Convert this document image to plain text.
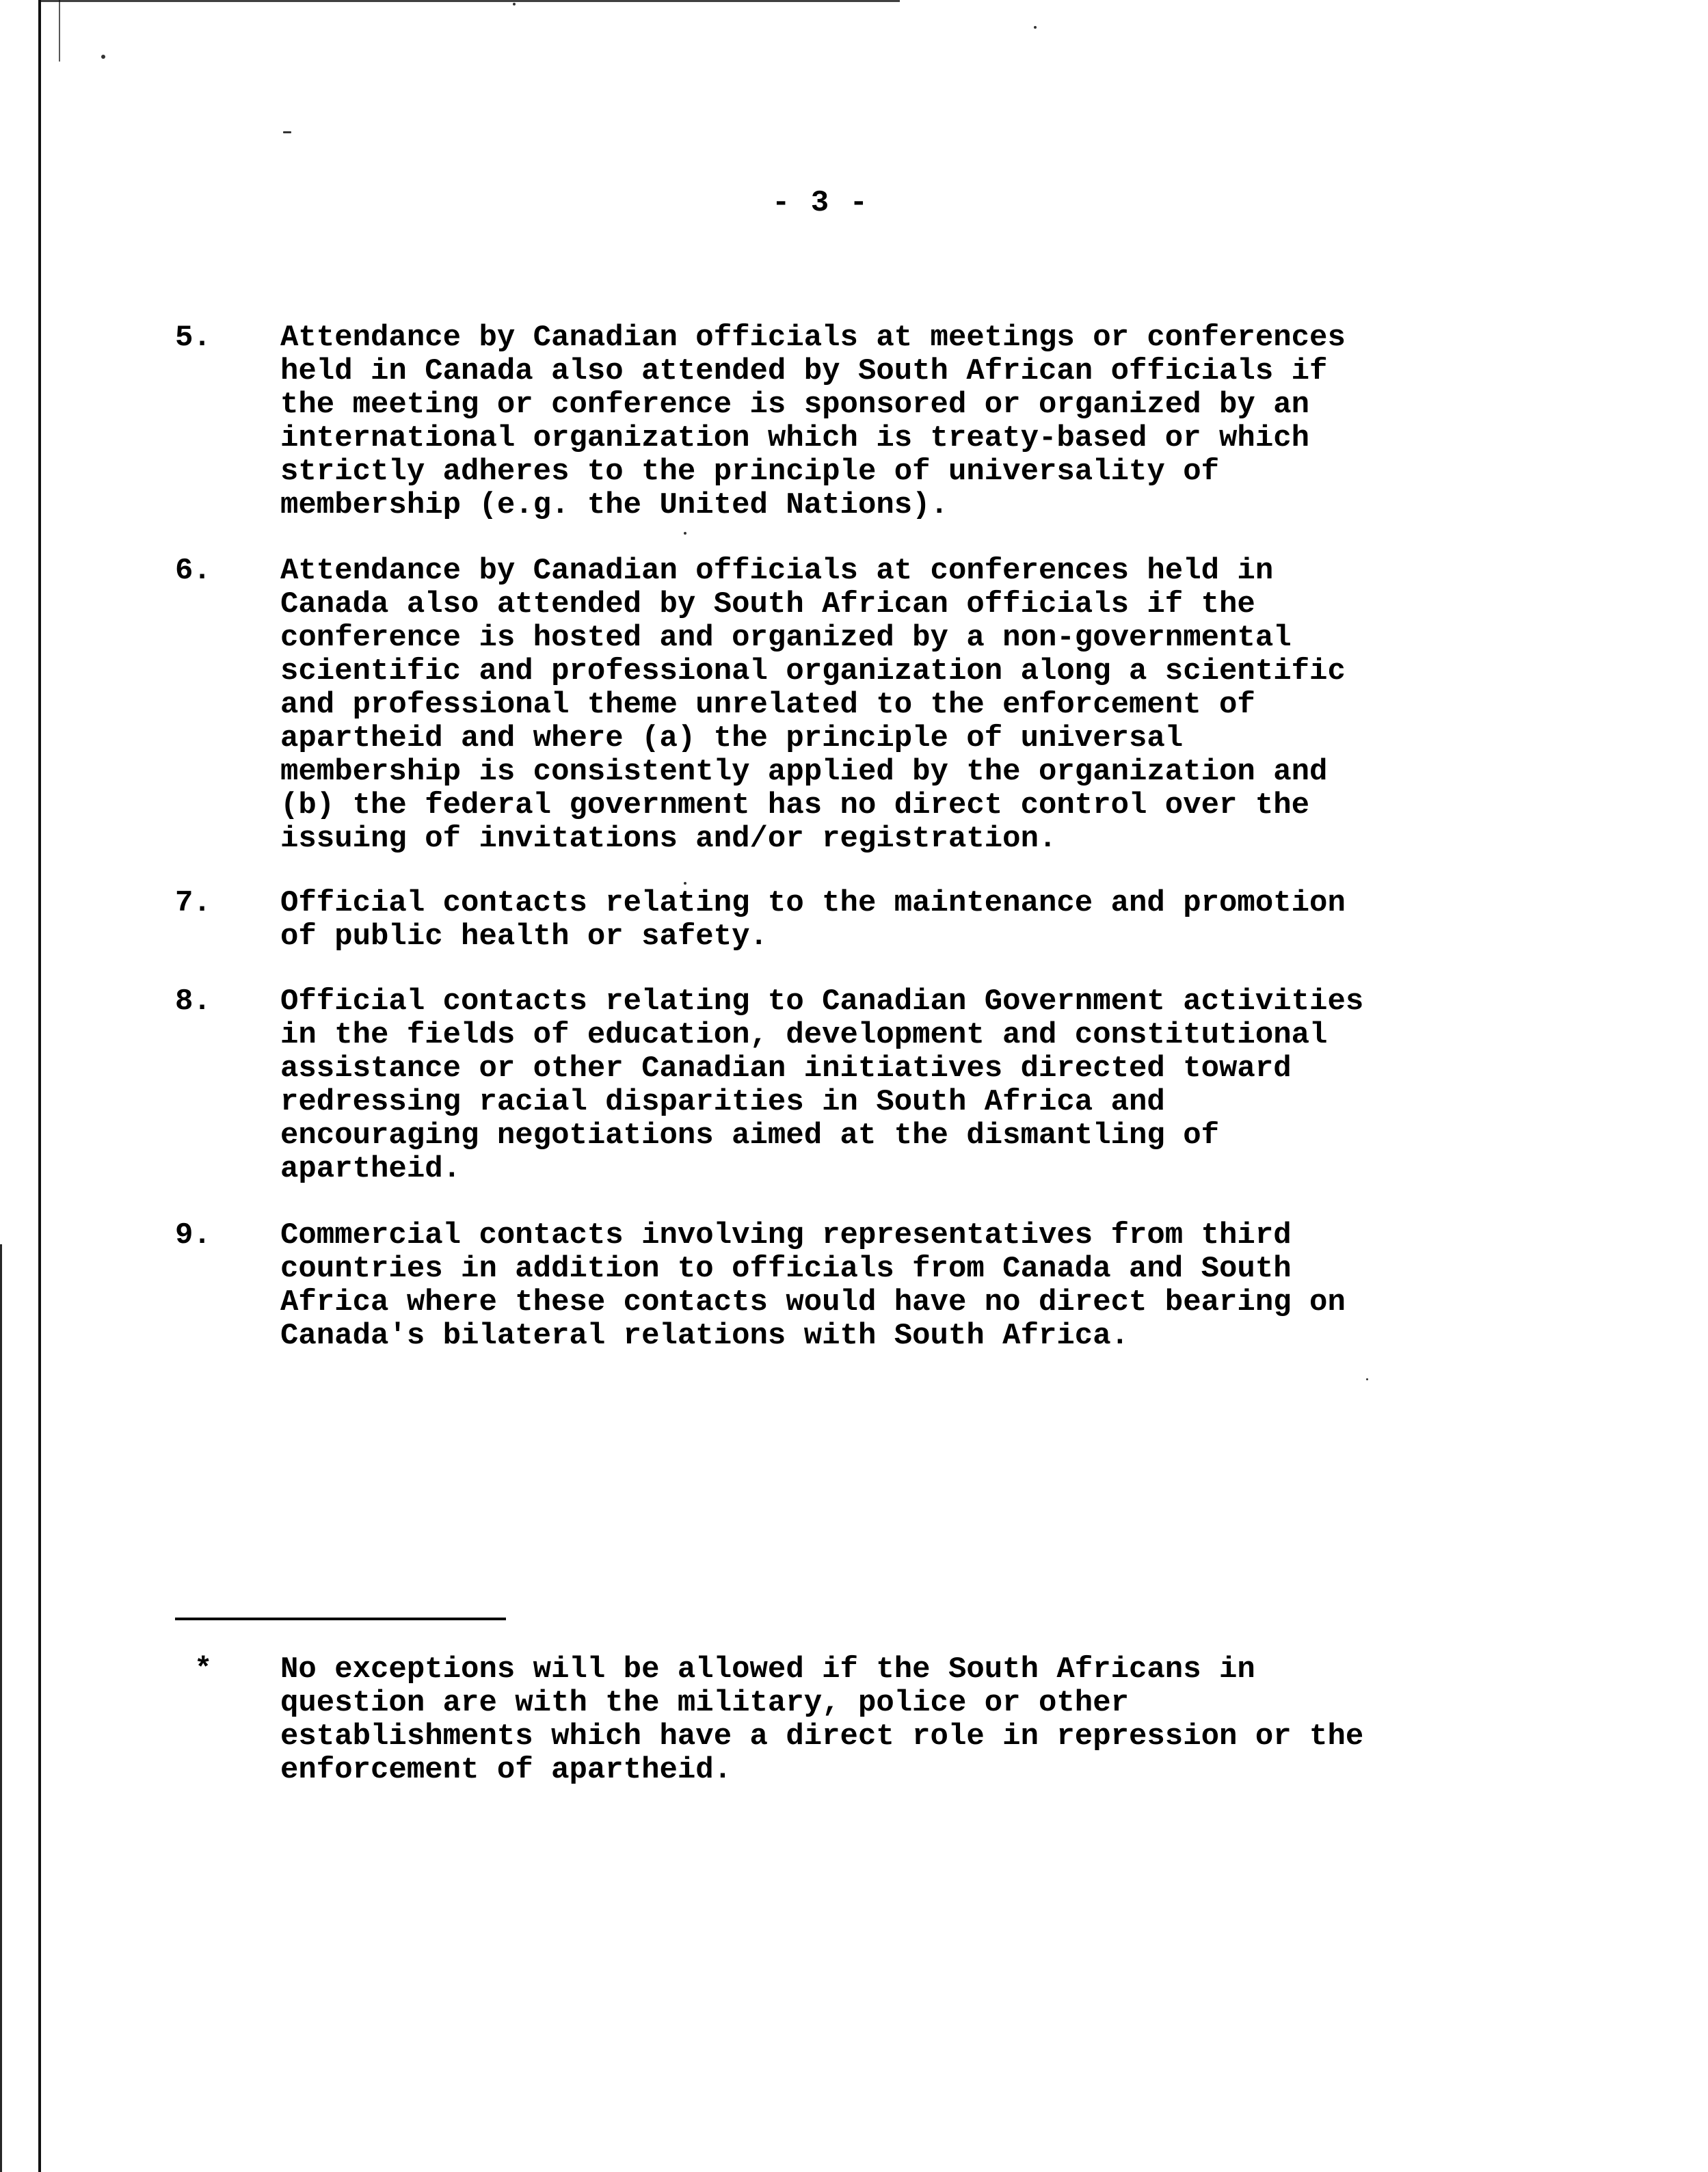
- 3 -
5.	Attendance by Canadian officials at meetings or conferences
held in Canada also attended by South African officials if
the meeting or conference is sponsored or organized by an
international organization which is treaty-based or which
strictly adheres to the principle of universality of
membership (e.g. the United Nations).
6.	Attendance by Canadian officials at conferences held in
Canada also attended by South African officials if the
conference is hosted and organized by a non-governmental
scientific and professional organization along a scientific
and professional theme unrelated to the enforcement of
apartheid and where (a) the principle of universal
membership is consistently applied by the organization and
(b) the federal government has no direct control over the
issuing of invitations and/or registration.
7.	Official contacts relating to the maintenance and promotion
of public health or safety.
8.	Official contacts relating to Canadian Government activities
in the fields of education, development and constitutional
assistance or other Canadian initiatives directed toward
redressing racial disparities in South Africa and
encouraging negotiations aimed at the dismantling of
apartheid.
9.	Commercial contacts involving representatives from third
countries in addition to officials from Canada and South
Africa where these contacts would have no direct bearing on
Canada's bilateral relations with South Africa.
*	No exceptions will be allowed if the South Africans in
question are with the military, police or other
establishments which have a direct role in repression or the
enforcement of apartheid.
